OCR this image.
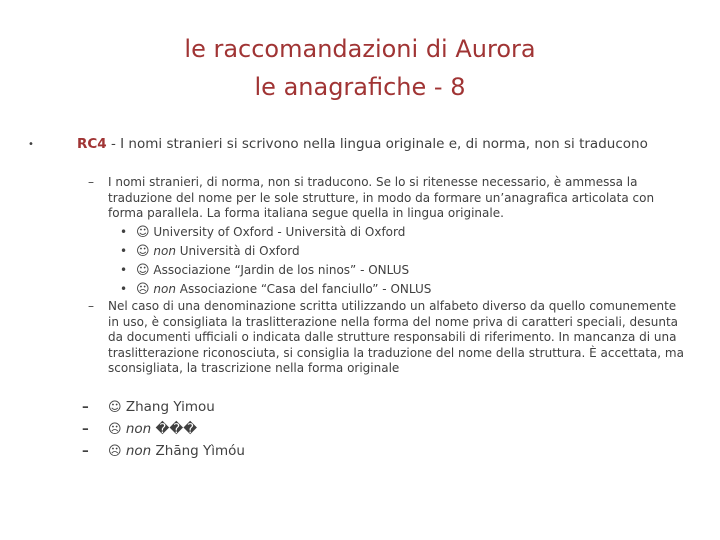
le raccomandazioni di Aurora
le anagrafiche - 8
•	RC4 - I nomi stranieri si scrivono nella lingua originale e, di norma, non si traducono
– I nomi stranieri, di norma, non si traducono. Se lo si ritenesse necessario, è ammessa la traduzione del nome per le sole strutture, in modo da formare un’anagrafica articolata con forma parallela. La forma italiana segue quella in lingua originale.
• ☺ University of Oxford - Università di Oxford
• ☺ non Università di Oxford
• ☺ Associazione “Jardin de los ninos” - ONLUS
• ☹ non Associazione “Casa del fanciullo” - ONLUS
– Nel caso di una denominazione scritta utilizzando un alfabeto diverso da quello comunemente in uso, è consigliata la traslitterazione nella forma del nome priva di caratteri speciali, desunta da documenti ufficiali o indicata dalle strutture responsabili di riferimento. In mancanza di una traslitterazione riconosciuta, si consiglia la traduzione del nome della struttura. È accettata, ma sconsigliata, la trascrizione nella forma originale
– ☺ Zhang Yimou
– ☹ non ���
– ☹ non Zhāng Yìmóu
